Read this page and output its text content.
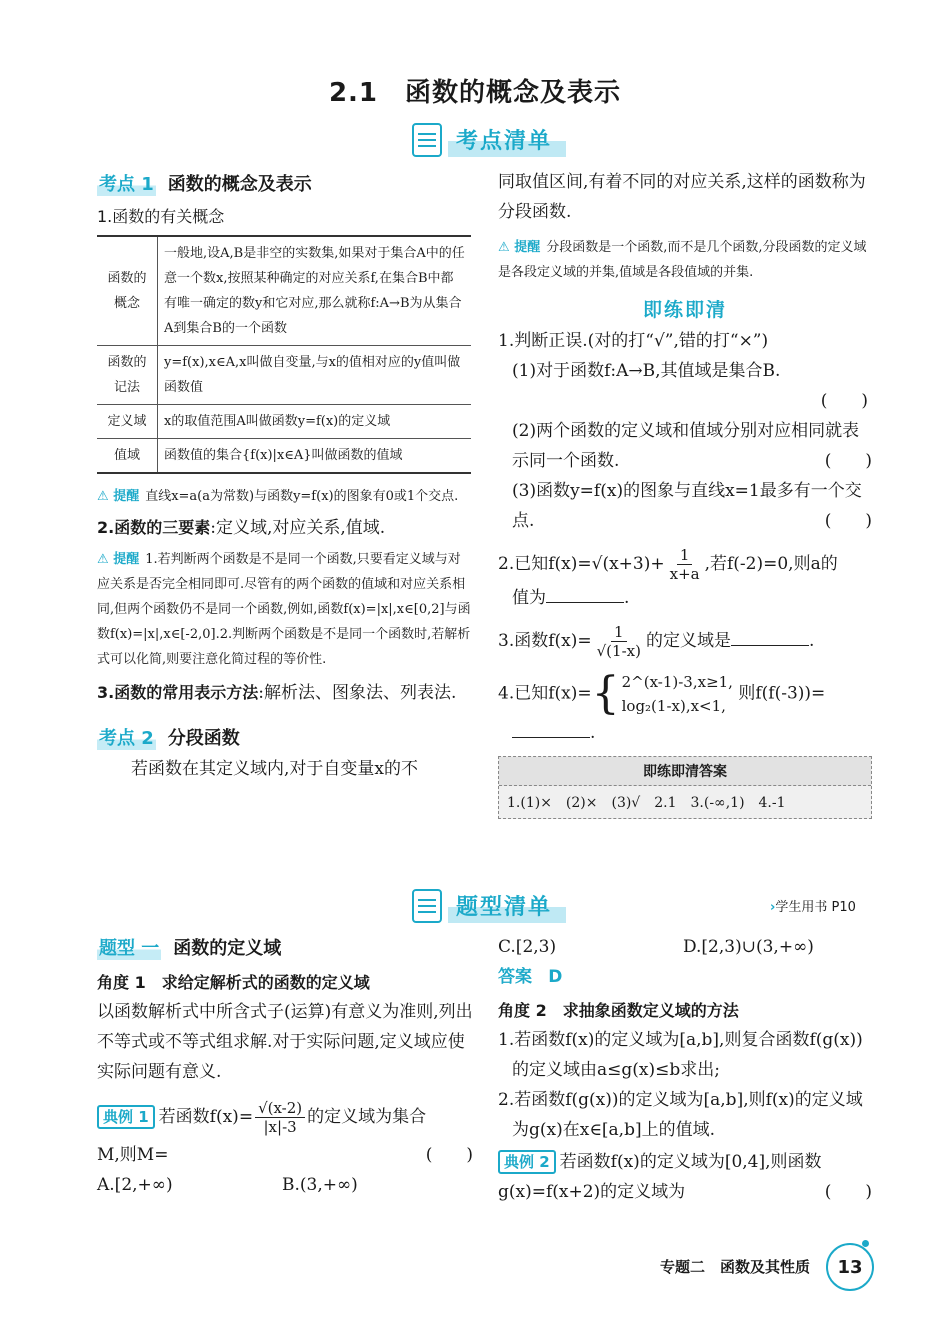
2.1　函数的概念及表示
考点清单
考点 1 函数的概念及表示
1.函数的有关概念
函数的概念	一般地,设A,B是非空的实数集,如果对于集合A中的任意一个数x,按照某种确定的对应关系f,在集合B中都有唯一确定的数y和它对应,那么就称f:A→B为从集合A到集合B的一个函数
函数的记法	y=f(x),x∈A,x叫做自变量,与x的值相对应的y值叫做函数值
定义域	x的取值范围A叫做函数y=f(x)的定义域
值域	函数值的集合{f(x)|x∈A}叫做函数的值域
⚠ 提醒 直线x=a(a为常数)与函数y=f(x)的图象有0或1个交点.
2.函数的三要素:定义域,对应关系,值域.
⚠ 提醒 1.若判断两个函数是不是同一个函数,只要看定义域与对应关系是否完全相同即可.尽管有的两个函数的值域和对应关系相同,但两个函数仍不是同一个函数,例如,函数f(x)=|x|,x∈[0,2]与函数f(x)=|x|,x∈[-2,0].2.判断两个函数是不是同一个函数时,若解析式可以化简,则要注意化简过程的等价性.
3.函数的常用表示方法:解析法、图象法、列表法.
考点 2 分段函数
若函数在其定义域内,对于自变量x的不
同取值区间,有着不同的对应关系,这样的函数称为分段函数.
⚠ 提醒 分段函数是一个函数,而不是几个函数,分段函数的定义域是各段定义域的并集,值域是各段值域的并集.
即练即清
1.判断正误.(对的打“√”,错的打“×”)
(1)对于函数f:A→B,其值域是集合B.
(　　)
(2)两个函数的定义域和值域分别对应相同就表示同一个函数.	(　　)
(3)函数y=f(x)的图象与直线x=1最多有一个交点.	(　　)
2.已知$f(x)=√(x+3)+ \frac{1}{x+a}$ ,若f(-2)=0,则a的
值为	.
3.函数$f(x)= \frac{1}{√(1-x)}$ 的定义域是	.
4.已知f(x)= { 2^(x-1)-3,x≥1,
log₂(1-x),x<1,
则f(f(-3))=
.
即练即清答案
1.(1)×　(2)×　(3)√　2.1　3.(-∞,1)　4.-1
题型清单	›学生用书 P10
题型 一 函数的定义域
角度 1　求给定解析式的函数的定义域
以函数解析式中所含式子(运算)有意义为准则,列出不等式或不等式组求解.对于实际问题,定义域应使实际问题有意义.
典例 1 若函数$f(x)= \frac{√(x-2)}{|x|-3}$ 的定义域为集合
M,则M=	(　　)
A.[2,+∞)	B.(3,+∞)
C.[2,3)	D.[2,3)∪(3,+∞)
答案 D
角度 2　求抽象函数定义域的方法
1.若函数f(x)的定义域为[a,b],则复合函数f(g(x))的定义域由a≤g(x)≤b求出;
2.若函数f(g(x))的定义域为[a,b],则f(x)的定义域为g(x)在x∈[a,b]上的值域.
典例 2 若函数f(x)的定义域为[0,4],则函数
g(x)=f(x+2)的定义域为	(　　)
专题二　函数及其性质	13
